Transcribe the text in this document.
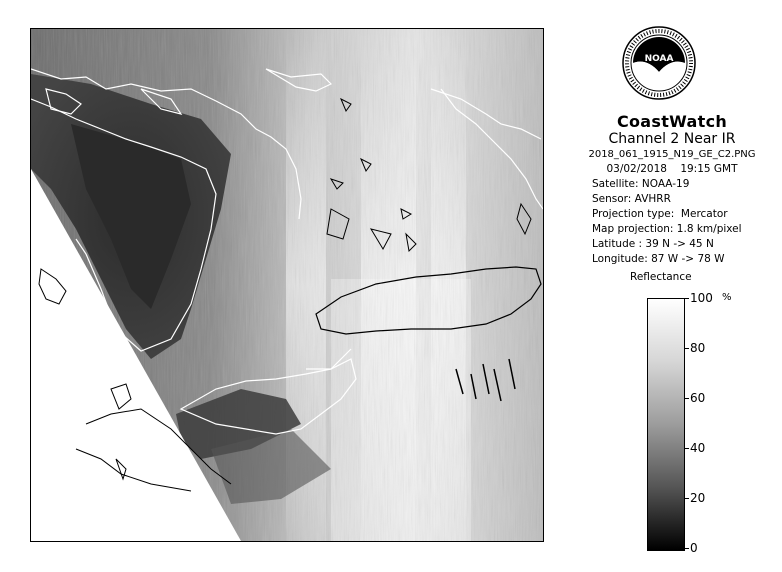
NOAA
CoastWatch
Channel 2 Near IR
2018_061_1915_N19_GE_C2.PNG
03/02/2018    19:15 GMT
Satellite: NOAA-19
Sensor: AVHRR
Projection type:  Mercator
Map projection: 1.8 km/pixel
Latitude : 39 N -> 45 N
Longitude: 87 W -> 78 W
Reflectance
%
100
80
60
40
20
0
